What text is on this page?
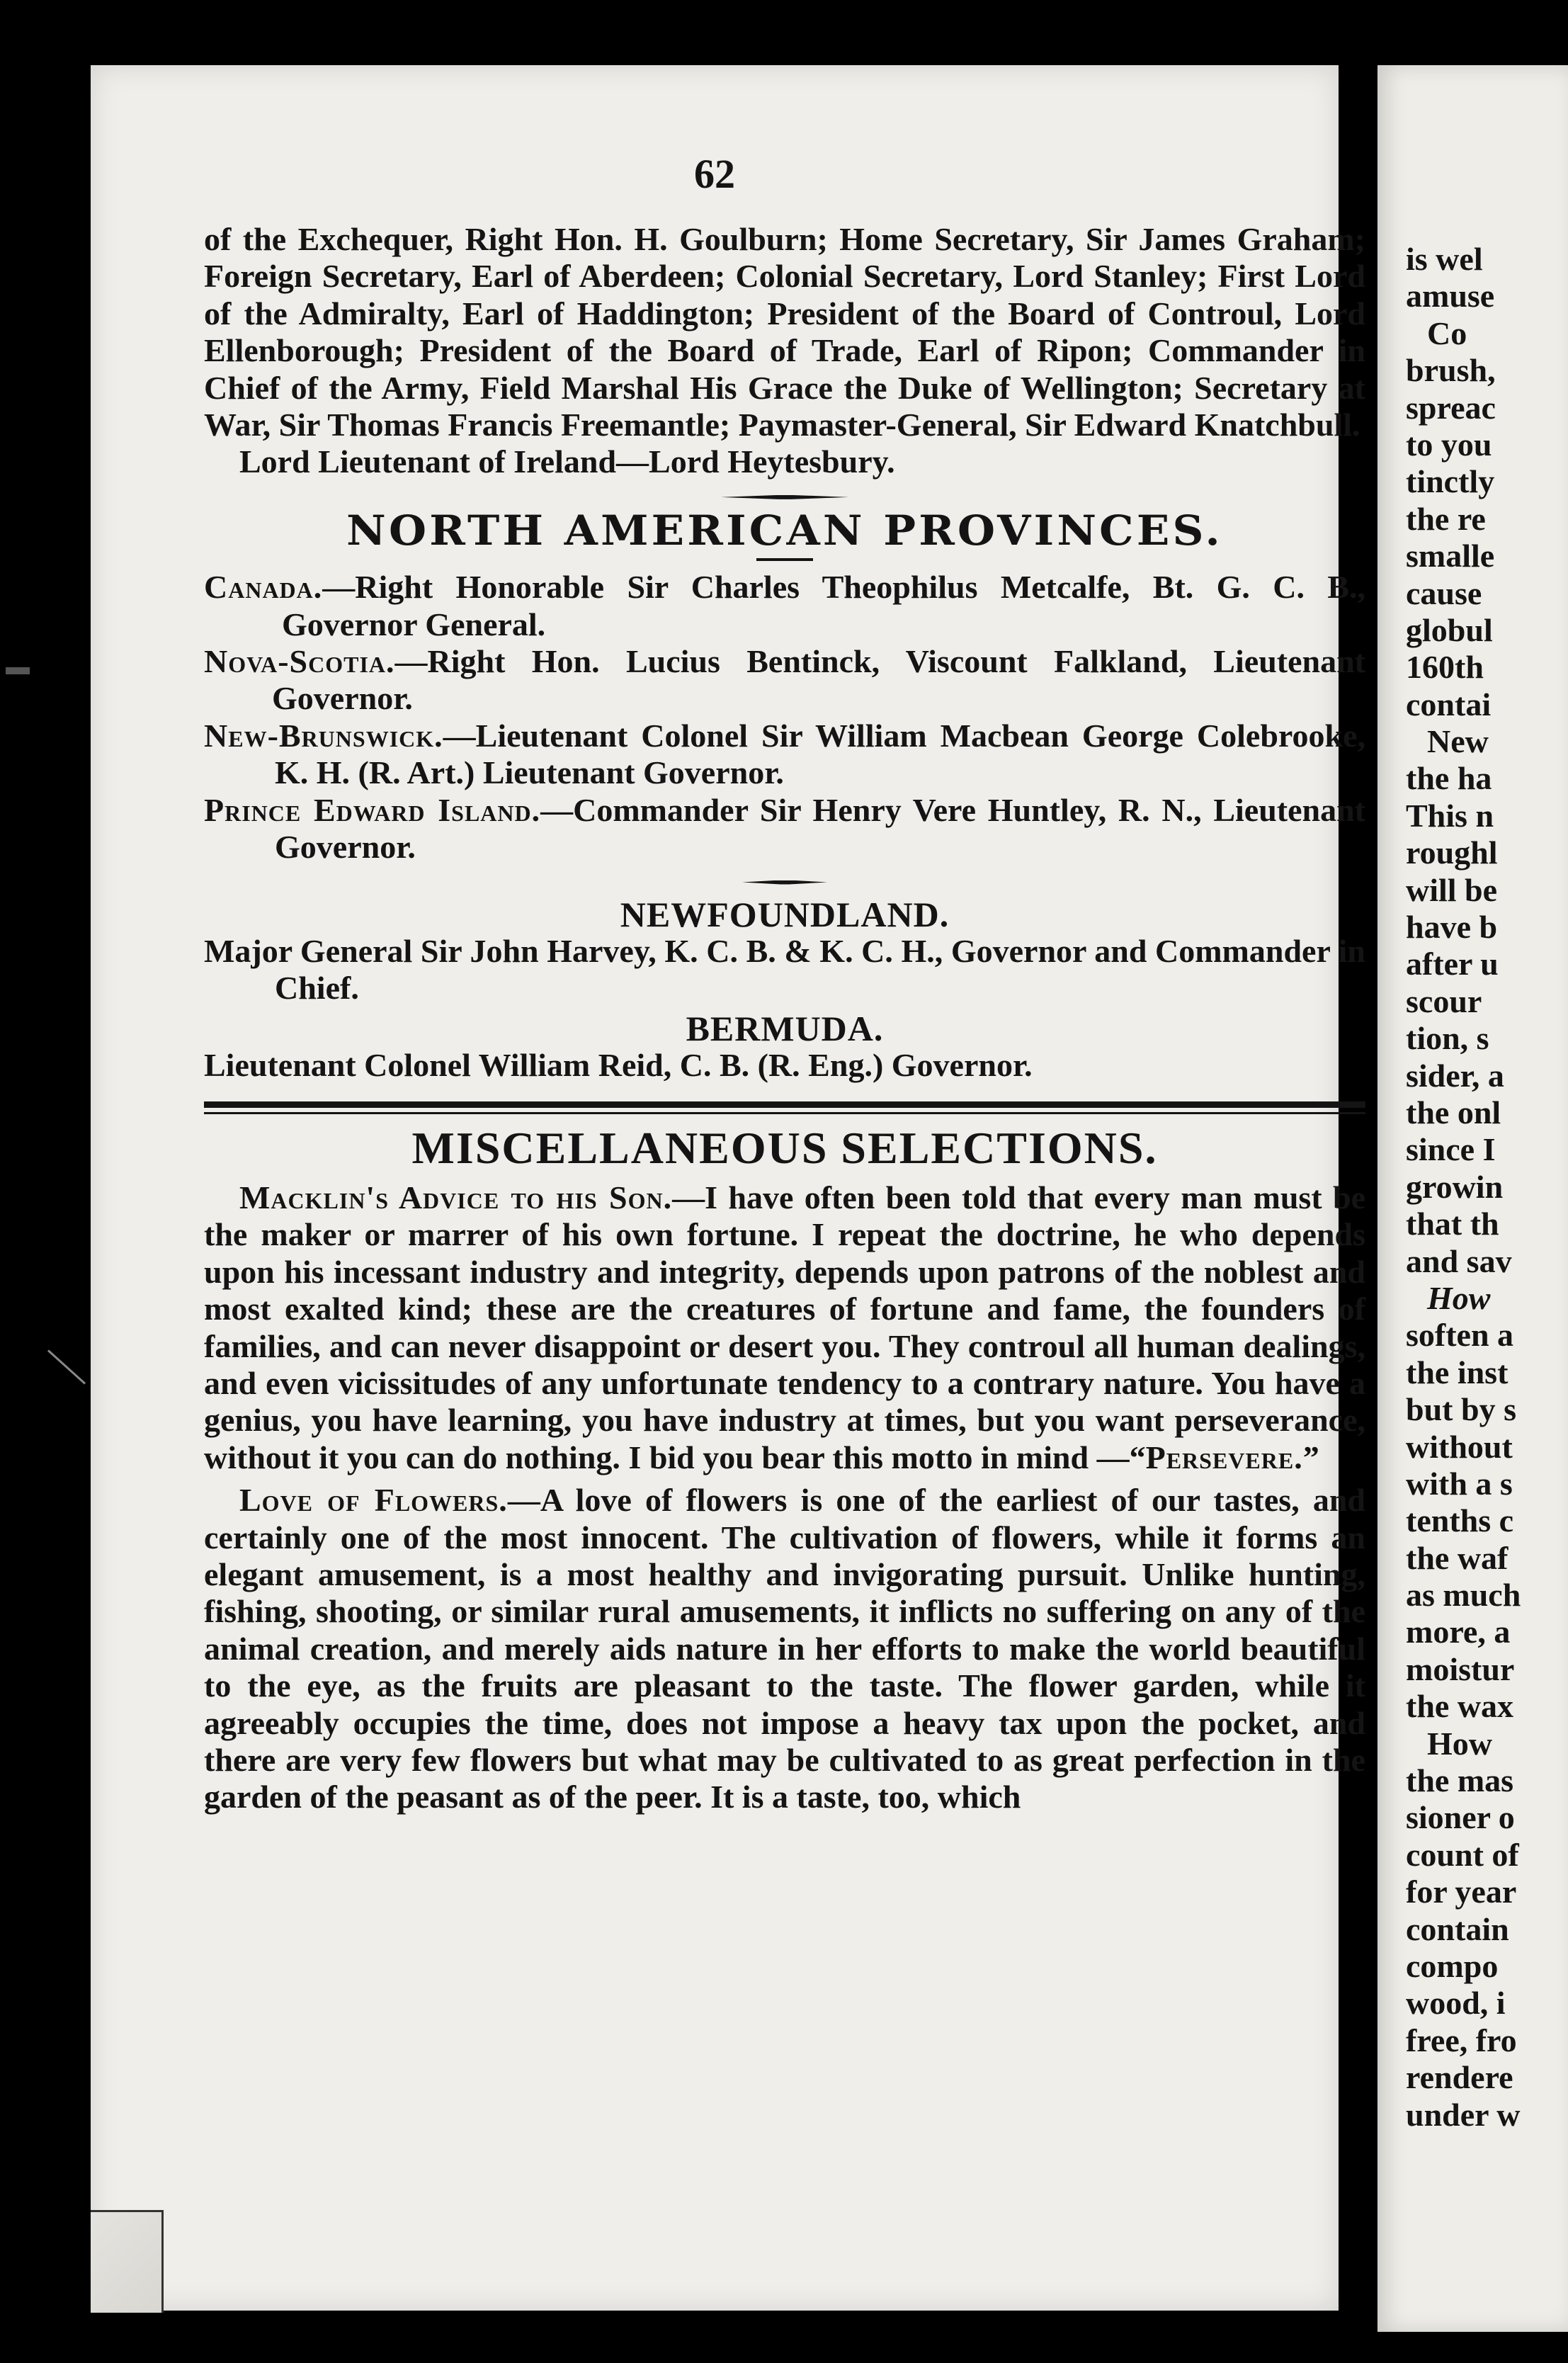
62

of the Exchequer, Right Hon. H. Goulburn; Home Secretary, Sir James Graham; Foreign Secretary, Earl of Aberdeen; Colonial Secretary, Lord Stanley; First Lord of the Admiralty, Earl of Haddington; President of the Board of Controul, Lord Ellenborough; President of the Board of Trade, Earl of Ripon; Commander in Chief of the Army, Field Marshal His Grace the Duke of Wellington; Secretary at War, Sir Thomas Francis Freemantle; Paymaster-General, Sir Edward Knatchbull.

Lord Lieutenant of Ireland—Lord Heytesbury.

NORTH AMERICAN PROVINCES.

Canada.—Right Honorable Sir Charles Theophilus Metcalfe, Bt. G. C. B., Governor General.

Nova-Scotia.—Right Hon. Lucius Bentinck, Viscount Falkland, Lieutenant Governor.

New-Brunswick.—Lieutenant Colonel Sir William Macbean George Colebrooke, K. H. (R. Art.) Lieutenant Governor.

Prince Edward Island.—Commander Sir Henry Vere Huntley, R. N., Lieutenant Governor.

NEWFOUNDLAND.

Major General Sir John Harvey, K. C. B. & K. C. H., Governor and Commander in Chief.

BERMUDA.

Lieutenant Colonel William Reid, C. B. (R. Eng.) Governor.

MISCELLANEOUS SELECTIONS.

Macklin's Advice to his Son.—I have often been told that every man must be the maker or marrer of his own fortune. I repeat the doctrine, he who depends upon his incessant industry and integrity, depends upon patrons of the noblest and most exalted kind; these are the creatures of fortune and fame, the founders of families, and can never disappoint or desert you. They controul all human dealings, and even vicissitudes of any unfortunate tendency to a contrary nature. You have a genius, you have learning, you have industry at times, but you want perseverance, without it you can do nothing. I bid you bear this motto in mind —“Persevere.”

Love of Flowers.—A love of flowers is one of the earliest of our tastes, and certainly one of the most innocent. The cultivation of flowers, while it forms an elegant amusement, is a most healthy and invigorating pursuit. Unlike hunting, fishing, shooting, or similar rural amusements, it inflicts no suffering on any of the animal creation, and merely aids nature in her efforts to make the world beautiful to the eye, as the fruits are pleasant to the taste. The flower garden, while it agreeably occupies the time, does not impose a heavy tax upon the pocket, and there are very few flowers but what may be cultivated to as great perfection in the garden of the peasant as of the peer. It is a taste, too, which

is wel
amuse
Co
brush,
spreac
to you
tinctly
the re
smalle
cause
globul
160th
contai
New
the ha
This n
roughl
will be
have b
after u
scour
tion, s
sider, a
the onl
since I
growin
that th
and sav
How
soften a
the inst
but by s
without
with a s
tenths c
the waf
as much
more, a
moistur
the wax
How
the mas
sioner o
count of
for year
contain
compo
wood, i
free, fro
rendere
under w
